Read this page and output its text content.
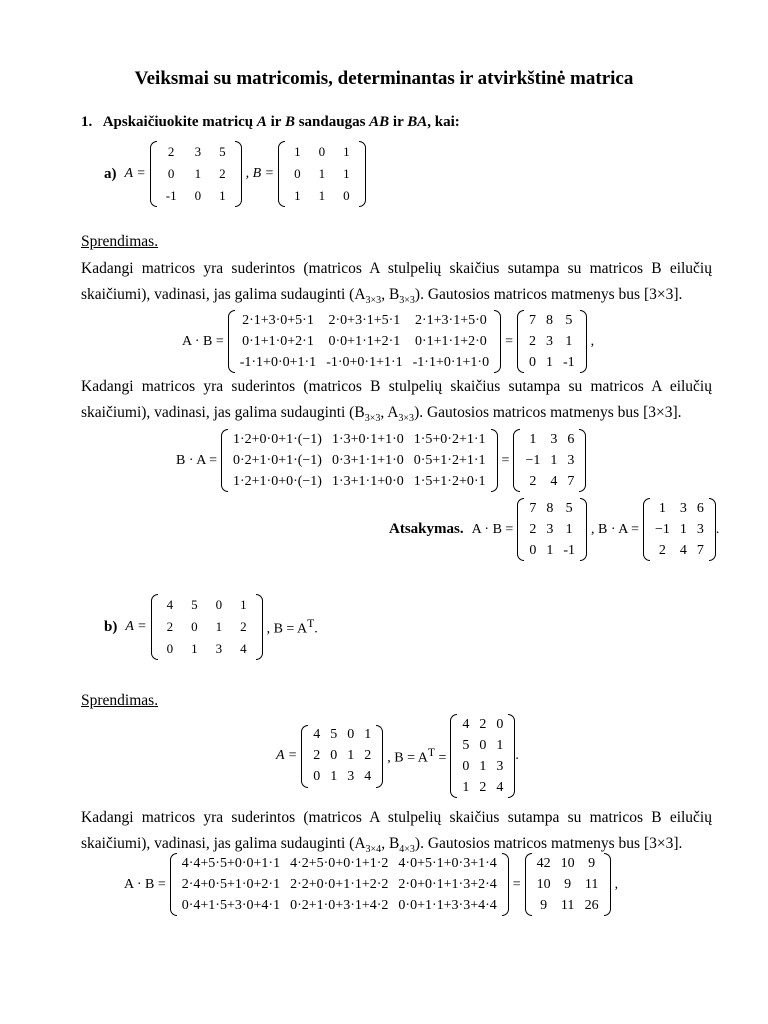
Veiksmai su matricomis, determinantas ir atvirkštinė matrica
1. Apskaičiuokite matricų A ir B sandaugas AB ir BA, kai:
a) A =
2	3	5
0	1	2
-1	0	1
, B =
1	0	1
0	1	1
1	1	0
Sprendimas.
Kadangi matricos yra suderintos (matricos A stulpelių skaičius sutampa su matricos B eilučių skaičiumi), vadinasi, jas galima sudauginti ($A_{3\times 3}$, $B_{3\times 3}$). Gautosios matricos matmenys bus [3×3].
A · B =
2·1+3·0+5·1	2·0+3·1+5·1	2·1+3·1+5·0
0·1+1·0+2·1	0·0+1·1+2·1	0·1+1·1+2·0
-1·1+0·0+1·1	-1·0+0·1+1·1	-1·1+0·1+1·0
=
7	8	5
2	3	1
0	1	-1
,
Kadangi matricos yra suderintos (matricos B stulpelių skaičius sutampa su matricos A eilučių skaičiumi), vadinasi, jas galima sudauginti ($B_{3\times 3}$, $A_{3\times 3}$). Gautosios matricos matmenys bus [3×3].
B · A =
1·2+0·0+1·(−1)	1·3+0·1+1·0	1·5+0·2+1·1
0·2+1·0+1·(−1)	0·3+1·1+1·0	0·5+1·2+1·1
1·2+1·0+0·(−1)	1·3+1·1+0·0	1·5+1·2+0·1
=
1	3	6
−1	1	3
2	4	7
Atsakymas. A · B =
7	8	5
2	3	1
0	1	-1
, B · A =
1	3	6
−1	1	3
2	4	7
.
b) A =
4	5	0	1
2	0	1	2
0	1	3	4
, $B = A^T$.
Sprendimas.
A =
4	5	0	1
2	0	1	2
0	1	3	4
, $B = A^T$ =
4	2	0
5	0	1
0	1	3
1	2	4
.
Kadangi matricos yra suderintos (matricos A stulpelių skaičius sutampa su matricos B eilučių skaičiumi), vadinasi, jas galima sudauginti ($A_{3\times 4}$, $B_{4\times 3}$). Gautosios matricos matmenys bus [3×3].
A · B =
4·4+5·5+0·0+1·1	4·2+5·0+0·1+1·2	4·0+5·1+0·3+1·4
2·4+0·5+1·0+2·1	2·2+0·0+1·1+2·2	2·0+0·1+1·3+2·4
0·4+1·5+3·0+4·1	0·2+1·0+3·1+4·2	0·0+1·1+3·3+4·4
=
42	10	9
10	9	11
9	11	26
,
